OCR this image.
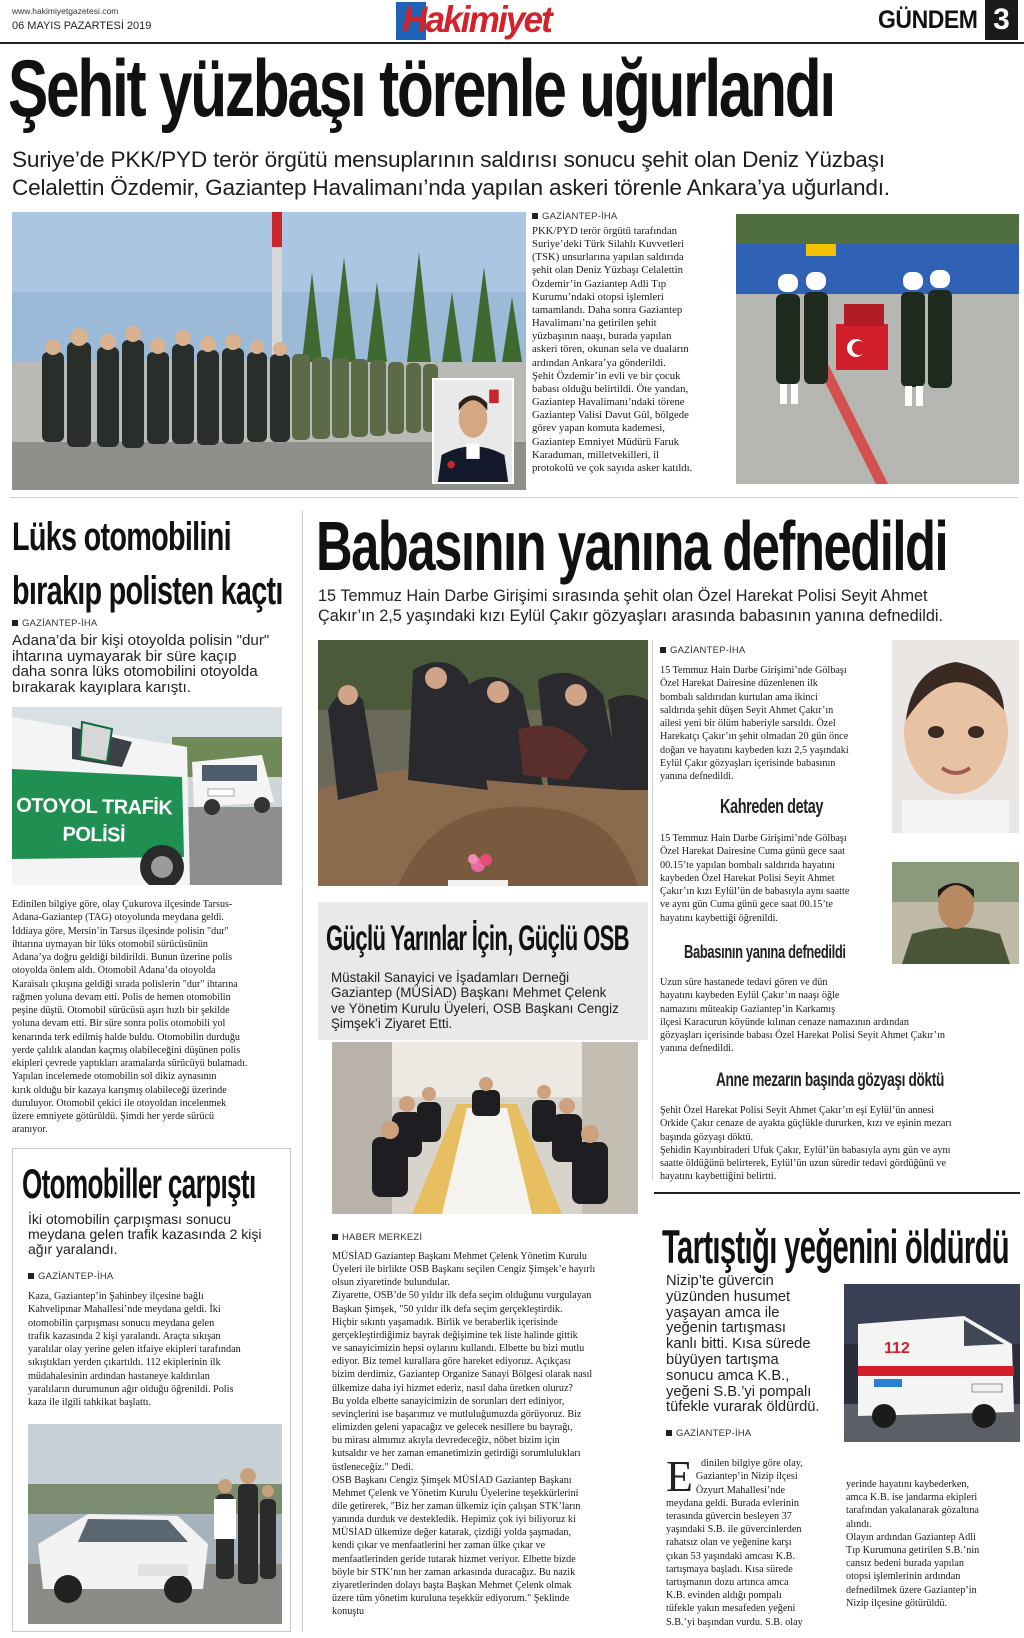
www.hakimiyetgazetesi.com
06 MAYIS PAZARTESİ 2019	Hakimiyet	GÜNDEM 3
Şehit yüzbaşı törenle uğurlandı
Suriye’de PKK/PYD terör örgütü mensuplarının saldırısı sonucu şehit olan Deniz Yüzbaşı
Celalettin Özdemir, Gaziantep Havalimanı’nda yapılan askeri törenle Ankara’ya uğurlandı.
GAZİANTEP-İHA
PKK/PYD terör örgütü tarafından
Suriye’deki Türk Silahlı Kuvvetleri
(TSK) unsurlarına yapılan saldırıda
şehit olan Deniz Yüzbaşı Celalettin
Özdemir’in Gaziantep Adli Tıp
Kurumu’ndaki otopsi işlemleri
tamamlandı. Daha sonra Gaziantep
Havalimanı’na getirilen şehit
yüzbaşının naaşı, burada yapılan
askeri tören, okunan sela ve duaların
ardından Ankara’ya gönderildi.
Şehit Özdemir’in evli ve bir çocuk
babası olduğu belirtildi. Öte yandan,
Gaziantep Havalimanı’ndaki törene
Gaziantep Valisi Davut Gül, bölgede
görev yapan komuta kademesi,
Gaziantep Emniyet Müdürü Faruk
Karaduman, milletvekilleri, il
protokolü ve çok sayıda asker katıldı.
Lüks otomobilini
bırakıp polisten kaçtı
GAZİANTEP-İHA
Adana’da bir kişi otoyolda polisin "dur"
ihtarına uymayarak bir süre kaçıp
daha sonra lüks otomobilini otoyolda
bırakarak kayıplara karıştı.
OTOYOL TRAFİK
POLİSİ
Edinilen bilgiye göre, olay Çukurova ilçesinde Tarsus-
Adana-Gaziantep (TAG) otoyolunda meydana geldi.
İddiaya göre, Mersin’in Tarsus ilçesinde polisin "dur"
ihtarına uymayan bir lüks otomobil sürücüsünün
Adana’ya doğru geldiği bildirildi. Bunun üzerine polis
otoyolda önlem aldı. Otomobil Adana’da otoyolda
Karaisalı çıkışına geldiği sırada polislerin "dur" ihtarına
rağmen yoluna devam etti. Polis de hemen otomobilin
peşine düştü. Otomobil sürücüsü aşırı hızlı bir şekilde
yoluna devam etti. Bir süre sonra polis otomobili yol
kenarında terk edilmiş halde buldu. Otomobilin durduğu
yerde çalılık alandan kaçmış olabileceğini düşünen polis
ekipleri çevrede yaptıkları aramalarda sürücüyü bulamadı.
Yapılan incelemede otomobilin sol dikiz aynasının
kırık olduğu bir kazaya karışmış olabileceği üzerinde
duruluyor. Otomobil çekici ile otoyoldan incelenmek
üzere emniyete götürüldü. Şimdi her yerde sürücü
aranıyor.
Otomobiller çarpıştı
İki otomobilin çarpışması sonucu
meydana gelen trafik kazasında 2 kişi
ağır yaralandı.
GAZİANTEP-İHA
Kaza, Gaziantep’in Şahinbey ilçesine bağlı
Kahvelipınar Mahallesi’nde meydana geldi. İki
otomobilin çarpışması sonucu meydana gelen
trafik kazasında 2 kişi yaralandı. Araçta sıkışan
yaralılar olay yerine gelen itfaiye ekipleri tarafından
sıkıştıkları yerden çıkartıldı. 112 ekiplerinin ilk
müdahalesinin ardından hastaneye kaldırılan
yaralıların durumunun ağır olduğu öğrenildi. Polis
kaza ile ilgili tahkikat başlattı.
Babasının yanına defnedildi
15 Temmuz Hain Darbe Girişimi sırasında şehit olan Özel Harekat Polisi Seyit Ahmet
Çakır’ın 2,5 yaşındaki kızı Eylül Çakır gözyaşları arasında babasının yanına defnedildi.
GAZİANTEP-İHA
15 Temmuz Hain Darbe Girişimi’nde Gölbaşı
Özel Harekat Dairesine düzenlenen ilk
bombalı saldırıdan kurtulan ama ikinci
saldırıda şehit düşen Seyit Ahmet Çakır’ın
ailesi yeni bir ölüm haberiyle sarsıldı. Özel
Harekatçı Çakır’ın şehit olmadan 20 gün önce
doğan ve hayatını kaybeden kızı 2,5 yaşındaki
Eylül Çakır gözyaşları içerisinde babasının
yanına defnedildi.
Kahreden detay
15 Temmuz Hain Darbe Girişimi’nde Gölbaşı
Özel Harekat Dairesine Cuma günü gece saat
00.15’te yapılan bombalı saldırıda hayatını
kaybeden Özel Harekat Polisi Seyit Ahmet
Çakır’ın kızı Eylül’ün de babasıyla aynı saatte
ve aynı gün Cuma günü gece saat 00.15’te
hayatını kaybettiği öğrenildi.
Babasının yanına defnedildi
Uzun süre hastanede tedavi gören ve dün
hayatını kaybeden Eylül Çakır’ın naaşı öğle
namazını müteakip Gaziantep’in Karkamış
ilçesi Karacurun köyünde kılınan cenaze namazının ardından
gözyaşları içerisinde babası Özel Harekat Polisi Seyit Ahmet Çakır’ın
yanına defnedildi.
Anne mezarın başında gözyaşı döktü
Şehit Özel Harekat Polisi Seyit Ahmet Çakır’ın eşi Eylül’ün annesi
Orkide Çakır cenaze de ayakta güçlükle dururken, kızı ve eşinin mezarı
başında gözyaşı döktü.
Şehidin Kayınbiraderi Ufuk Çakır, Eylül’ün babasıyla aynı gün ve aynı
saatte öldüğünü belirterek, Eylül’ün uzun süredir tedavi gördüğünü ve
hayatını kaybettiğini belirtti.
Güçlü Yarınlar İçin, Güçlü OSB
Müstakil Sanayici ve İşadamları Derneği
Gaziantep (MÜSİAD) Başkanı Mehmet Çelenk
ve Yönetim Kurulu Üyeleri, OSB Başkanı Cengiz
Şimşek’i Ziyaret Etti.
HABER MERKEZİ
MÜSİAD Gaziantep Başkanı Mehmet Çelenk Yönetim Kurulu
Üyeleri ile birlikte OSB Başkanı seçilen Cengiz Şimşek’e hayırlı
olsun ziyaretinde bulundular.
Ziyarette, OSB’de 50 yıldır ilk defa seçim olduğunu vurgulayan
Başkan Şimşek, "50 yıldır ilk defa seçim gerçekleştirdik.
Hiçbir sıkıntı yaşamadık. Birlik ve beraberlik içerisinde
gerçekleştirdiğimiz bayrak değişimine tek liste halinde gittik
ve sanayicimizin hepsi oylarını kullandı. Elbette bu bizi mutlu
ediyor. Biz temel kurallara göre hareket ediyoruz. Açıkçası
bizim derdimiz, Gaziantep Organize Sanayi Bölgesi olarak nasıl
ülkemize daha iyi hizmet ederiz, nasıl daha üretken oluruz?
Bu yolda elbette sanayicimizin de sorunları dert ediniyor,
sevinçlerini ise başarımız ve mutluluğumuzda görüyoruz. Biz
elimizden geleni yapacağız ve gelecek nesillere bu bayrağı,
bu mirası almımız akıyla devredeceğiz, nöbet bizim için
kutsaldır ve her zaman emanetimizin getirdiği sorumlulukları
üstleneceğiz." Dedi.
OSB Başkanı Cengiz Şimşek MÜSİAD Gaziantep Başkanı
Mehmet Çelenk ve Yönetim Kurulu Üyelerine teşekkürlerini
dile getirerek, "Biz her zaman ülkemiz için çalışan STK’ların
yanında durduk ve destekledik. Hepimiz çok iyi biliyoruz ki
MÜSİAD ülkemize değer katarak, çizdiği yolda şaşmadan,
kendi çıkar ve menfaatlerini her zaman ülke çıkar ve
menfaatlerinden geride tutarak hizmet veriyor. Elbette bizde
böyle bir STK’nın her zaman arkasında duracağız. Bu nazik
ziyaretlerinden dolayı başta Başkan Mehmet Çelenk olmak
üzere tüm yönetim kuruluna teşekkür ediyorum." Şeklinde
konuştu
Tartıştığı yeğenini öldürdü
Nizip’te güvercin
yüzünden husumet
yaşayan amca ile
yeğenin tartışması
kanlı bitti. Kısa sürede
büyüyen tartışma
sonucu amca K.B.,
yeğeni S.B.’yi pompalı
tüfekle vurarak öldürdü.
112
GAZİANTEP-İHA

Edinilen bilgiye göre olay,
Gaziantep’in Nizip ilçesi
Özyurt Mahallesi’nde
meydana geldi. Burada evlerinin
terasında güvercin besleyen 37
yaşındaki S.B. ile güvercinlerden
rahatsız olan ve yeğenine karşı
çıkan 53 yaşındaki amcası K.B.
tartışmaya başladı. Kısa sürede
tartışmanın dozu artınca amca
K.B. evinden aldığı pompalı
tüfekle yakın mesafeden yeğeni
S.B.’yi başından vurdu. S.B. olay

yerinde hayatını kaybederken,
amca K.B. ise jandarma ekipleri
tarafından yakalanarak gözaltına
alındı.
Olayın ardından Gaziantep Adli
Tıp Kurumuna getirilen S.B.’nin
cansız bedeni burada yapılan
otopsi işlemlerinin ardından
defnedilmek üzere Gaziantep’in
Nizip ilçesine götürüldü.
